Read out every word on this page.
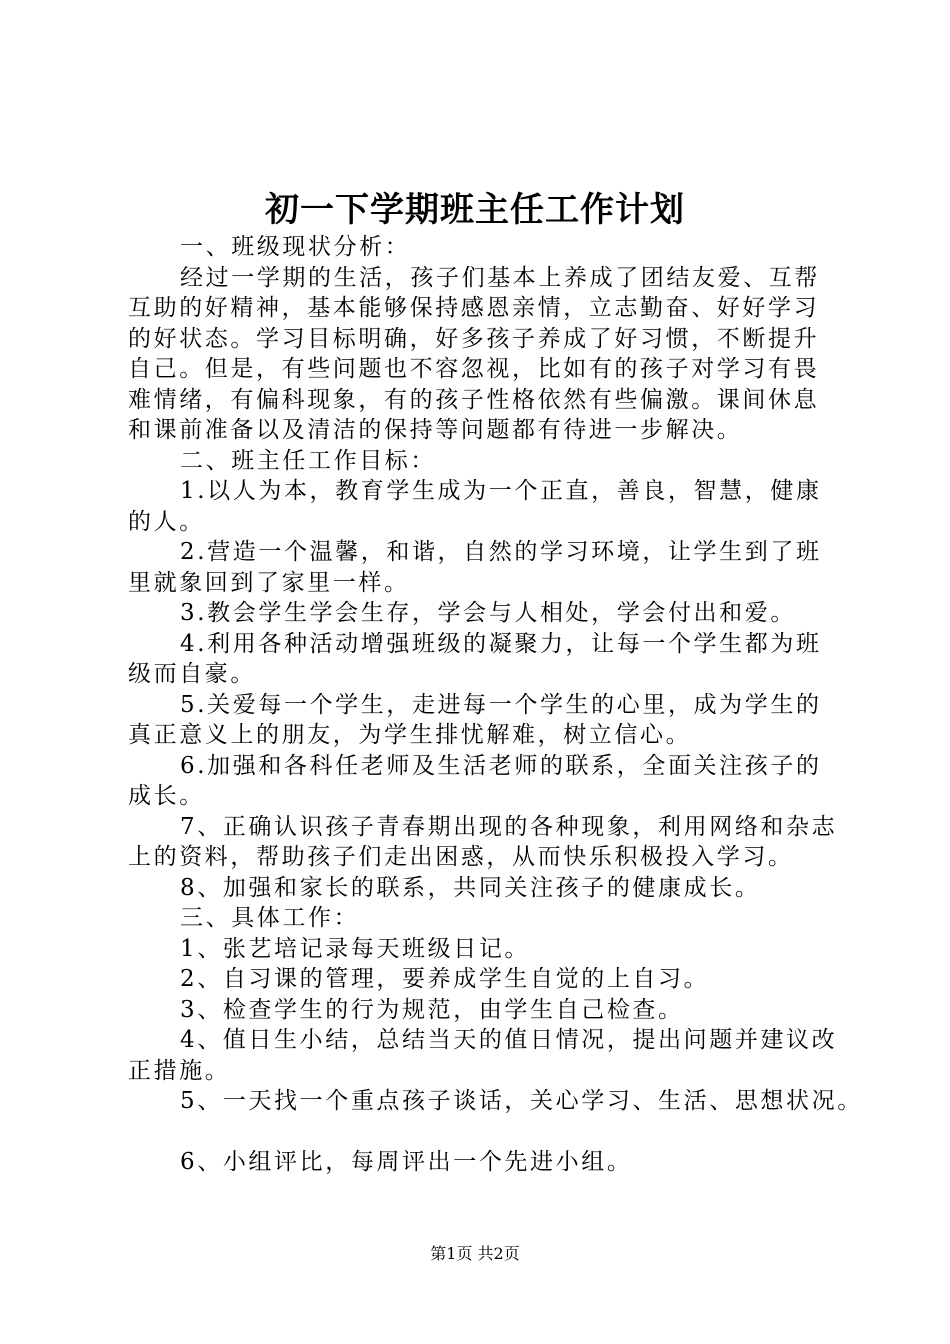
初一下学期班主任工作计划
一、班级现状分析：
经过一学期的生活，孩子们基本上养成了团结友爱、互帮
互助的好精神，基本能够保持感恩亲情，立志勤奋、好好学习
的好状态。学习目标明确，好多孩子养成了好习惯，不断提升
自己。但是，有些问题也不容忽视，比如有的孩子对学习有畏
难情绪，有偏科现象，有的孩子性格依然有些偏激。课间休息
和课前准备以及清洁的保持等问题都有待进一步解决。
二、班主任工作目标：
1.以人为本，教育学生成为一个正直，善良，智慧，健康
的人。
2.营造一个温馨，和谐，自然的学习环境，让学生到了班
里就象回到了家里一样。
3.教会学生学会生存，学会与人相处，学会付出和爱。
4.利用各种活动增强班级的凝聚力，让每一个学生都为班
级而自豪。
5.关爱每一个学生，走进每一个学生的心里，成为学生的
真正意义上的朋友，为学生排忧解难，树立信心。
6.加强和各科任老师及生活老师的联系，全面关注孩子的
成长。
7、正确认识孩子青春期出现的各种现象，利用网络和杂志
上的资料，帮助孩子们走出困惑，从而快乐积极投入学习。
8、加强和家长的联系，共同关注孩子的健康成长。
三、具体工作：
1、张艺培记录每天班级日记。
2、自习课的管理，要养成学生自觉的上自习。
3、检查学生的行为规范，由学生自己检查。
4、值日生小结，总结当天的值日情况，提出问题并建议改
正措施。
5、一天找一个重点孩子谈话，关心学习、生活、思想状况。
6、小组评比，每周评出一个先进小组。
第1页 共2页
